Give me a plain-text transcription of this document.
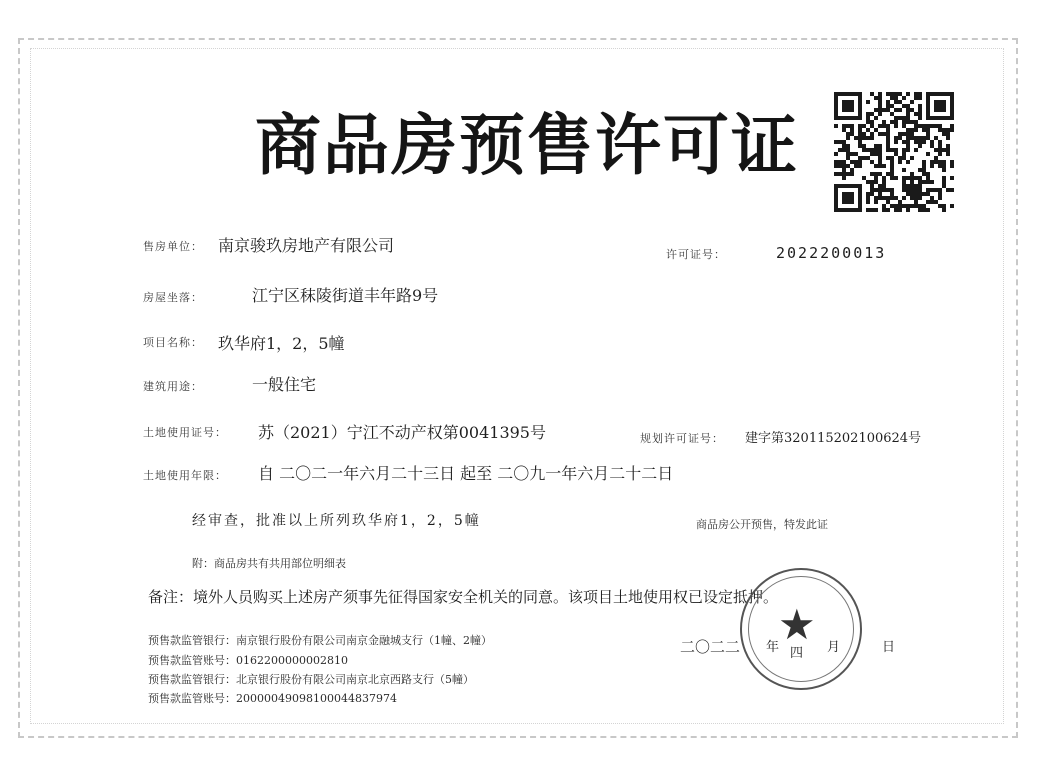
商品房预售许可证
售房单位： 南京骏玖房地产有限公司	许可证号：	2022200013
房屋坐落：	江宁区秣陵街道丰年路9号
项目名称： 玖华府1，2，5幢
建筑用途：	一般住宅
土地使用证号： 苏（2021）宁江不动产权第0041395号	规划许可证号： 建字第320115202100624号
土地使用年限： 自 二〇二一年六月二十三日 起至 二〇九一年六月二十二日
经审查，批准以上所列玖华府1，2，5幢	商品房公开预售，特发此证
附：商品房共有共用部位明细表
备注：境外人员购买上述房产须事先征得国家安全机关的同意。该项目土地使用权已设定抵押。
预售款监管银行：南京银行股份有限公司南京金融城支行（1幢、2幢）
预售款监管账号：0162200000002810
预售款监管银行：北京银行股份有限公司南京北京西路支行（5幢）
预售款监管账号：20000049098100044837974
二〇二二 年 四 月	日
★
